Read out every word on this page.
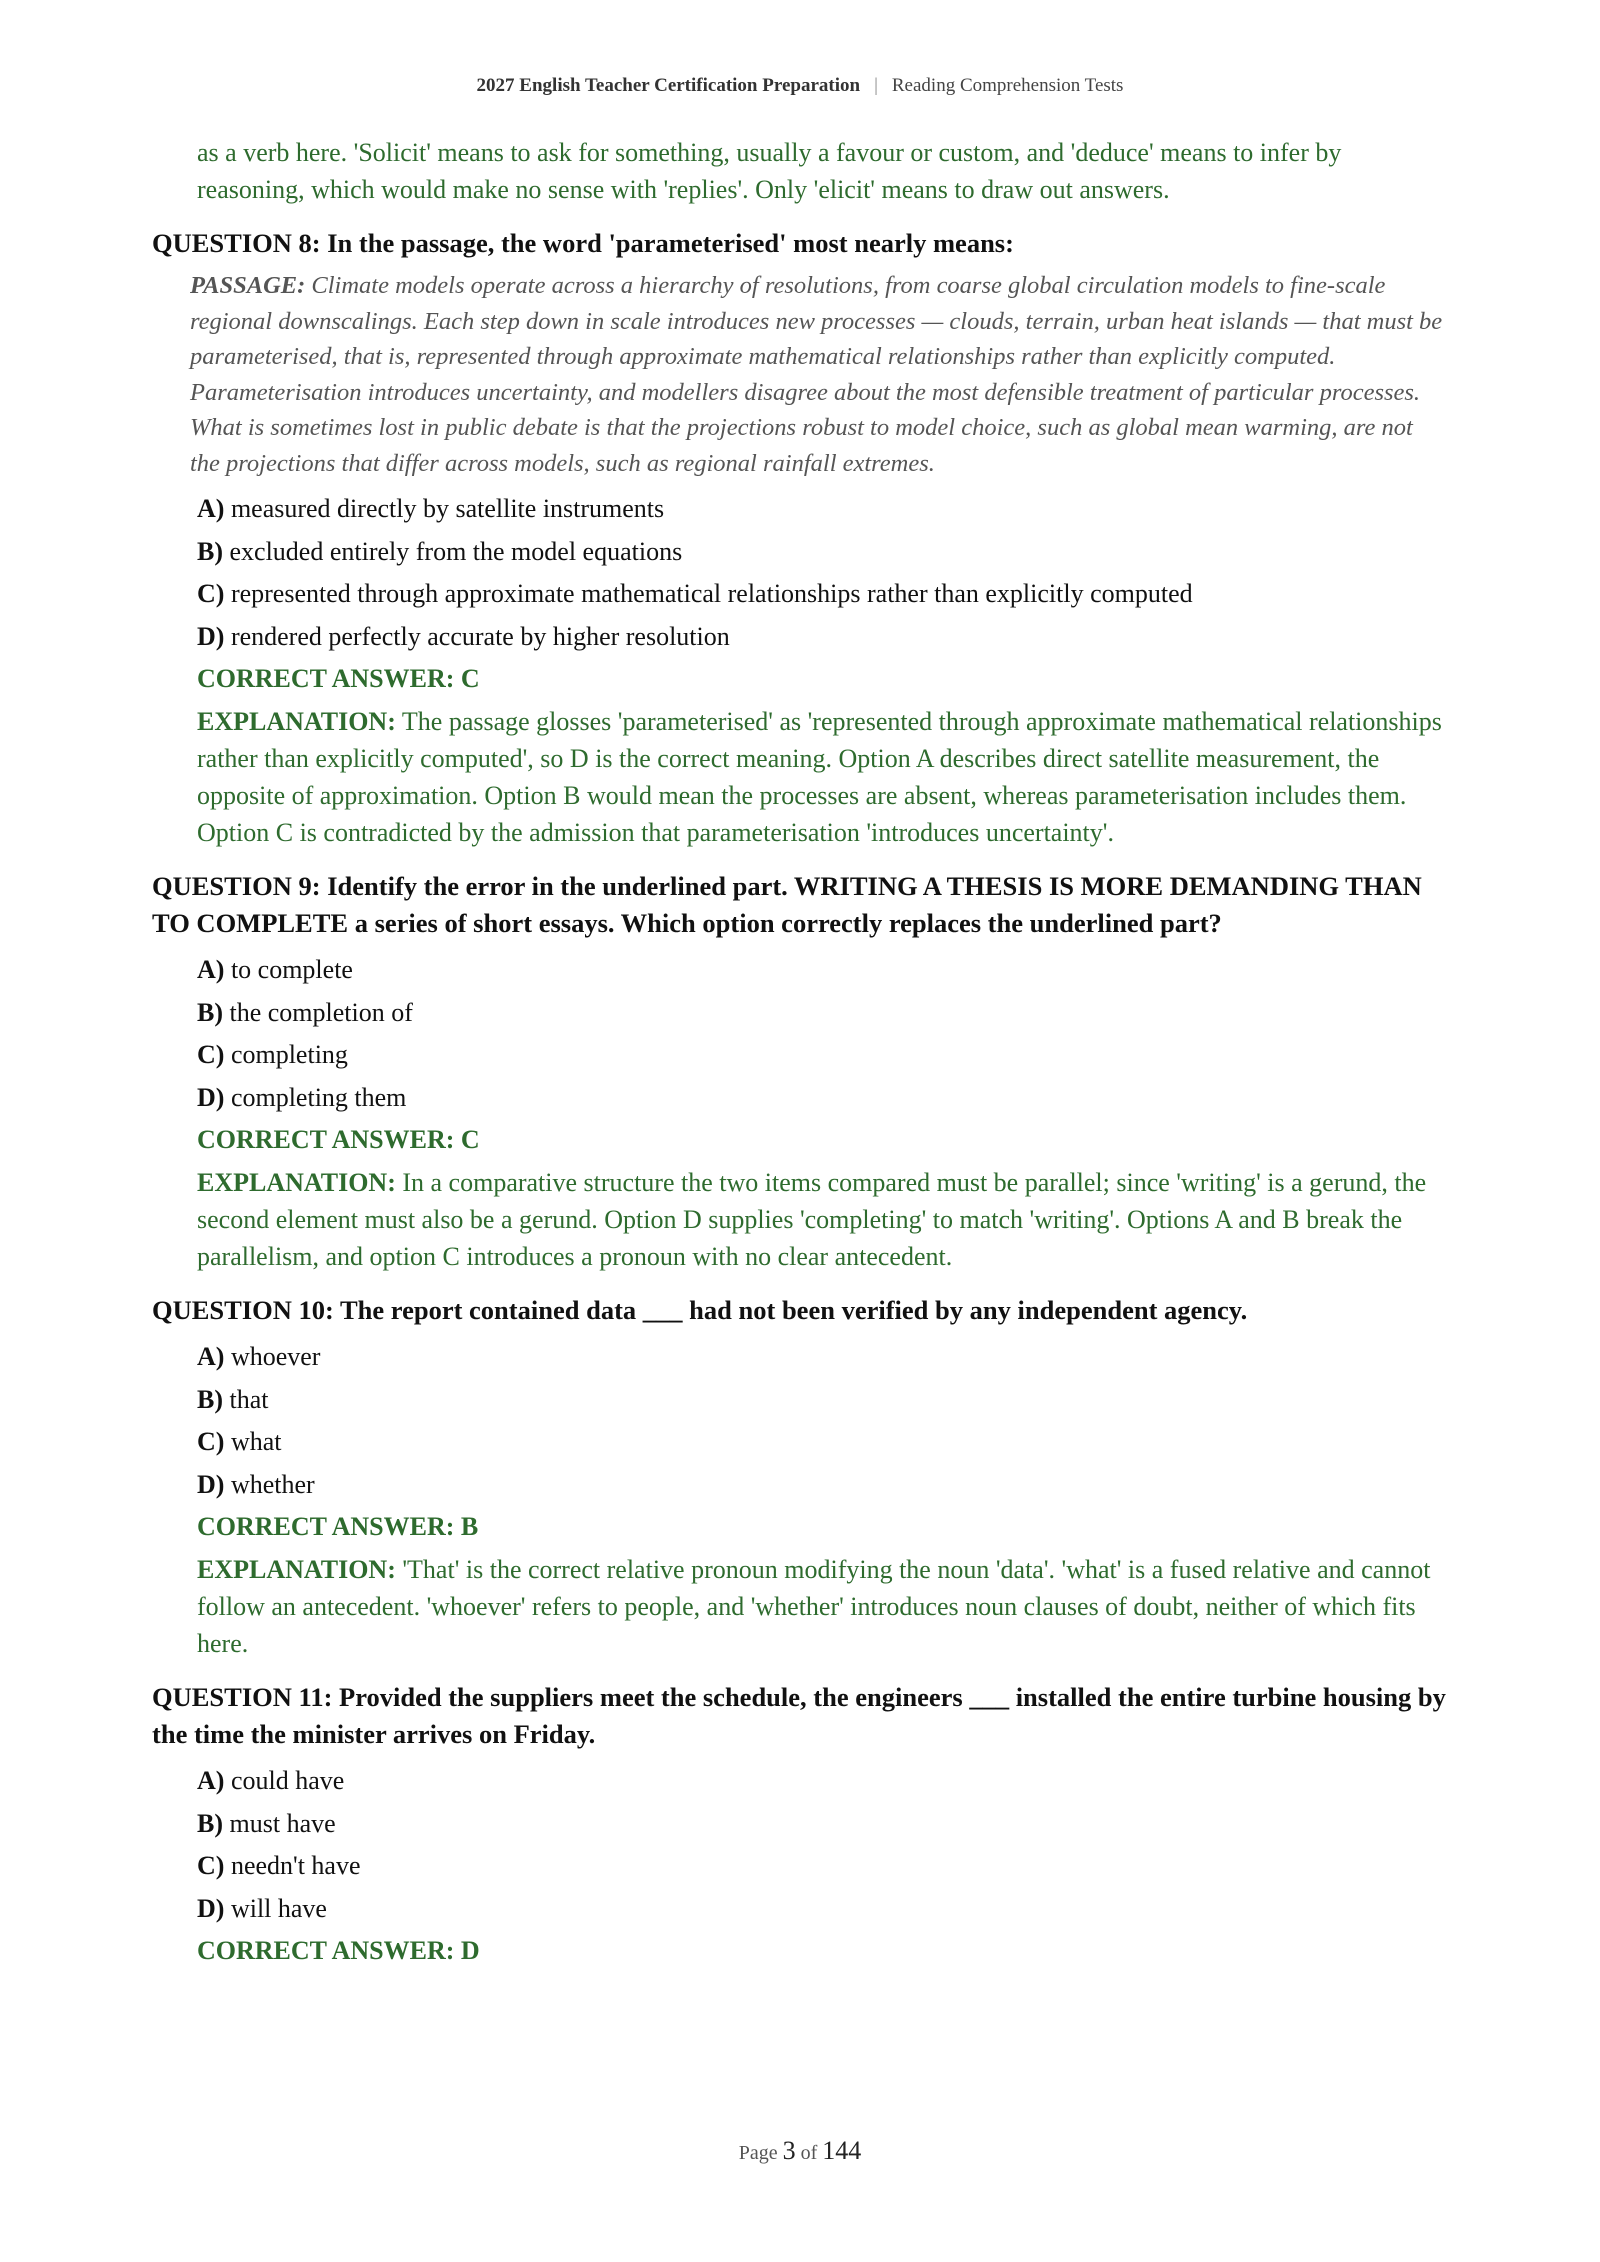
2027 English Teacher Certification Preparation | Reading Comprehension Tests

as a verb here. 'Solicit' means to ask for something, usually a favour or custom, and 'deduce' means to infer by reasoning, which would make no sense with 'replies'. Only 'elicit' means to draw out answers.

QUESTION 8: In the passage, the word 'parameterised' most nearly means:

PASSAGE: Climate models operate across a hierarchy of resolutions, from coarse global circulation models to fine-scale regional downscalings. Each step down in scale introduces new processes — clouds, terrain, urban heat islands — that must be parameterised, that is, represented through approximate mathematical relationships rather than explicitly computed. Parameterisation introduces uncertainty, and modellers disagree about the most defensible treatment of particular processes. What is sometimes lost in public debate is that the projections robust to model choice, such as global mean warming, are not the projections that differ across models, such as regional rainfall extremes.

A) measured directly by satellite instruments
B) excluded entirely from the model equations
C) represented through approximate mathematical relationships rather than explicitly computed
D) rendered perfectly accurate by higher resolution
CORRECT ANSWER: C

EXPLANATION: The passage glosses 'parameterised' as 'represented through approximate mathematical relationships rather than explicitly computed', so D is the correct meaning. Option A describes direct satellite measurement, the opposite of approximation. Option B would mean the processes are absent, whereas parameterisation includes them. Option C is contradicted by the admission that parameterisation 'introduces uncertainty'.

QUESTION 9: Identify the error in the underlined part. WRITING A THESIS IS MORE DEMANDING THAN TO COMPLETE a series of short essays. Which option correctly replaces the underlined part?

A) to complete
B) the completion of
C) completing
D) completing them
CORRECT ANSWER: C

EXPLANATION: In a comparative structure the two items compared must be parallel; since 'writing' is a gerund, the second element must also be a gerund. Option D supplies 'completing' to match 'writing'. Options A and B break the parallelism, and option C introduces a pronoun with no clear antecedent.

QUESTION 10: The report contained data ___ had not been verified by any independent agency.

A) whoever
B) that
C) what
D) whether
CORRECT ANSWER: B

EXPLANATION: 'That' is the correct relative pronoun modifying the noun 'data'. 'what' is a fused relative and cannot follow an antecedent. 'whoever' refers to people, and 'whether' introduces noun clauses of doubt, neither of which fits here.

QUESTION 11: Provided the suppliers meet the schedule, the engineers ___ installed the entire turbine housing by the time the minister arrives on Friday.

A) could have
B) must have
C) needn't have
D) will have
CORRECT ANSWER: D
Page 3 of 144
